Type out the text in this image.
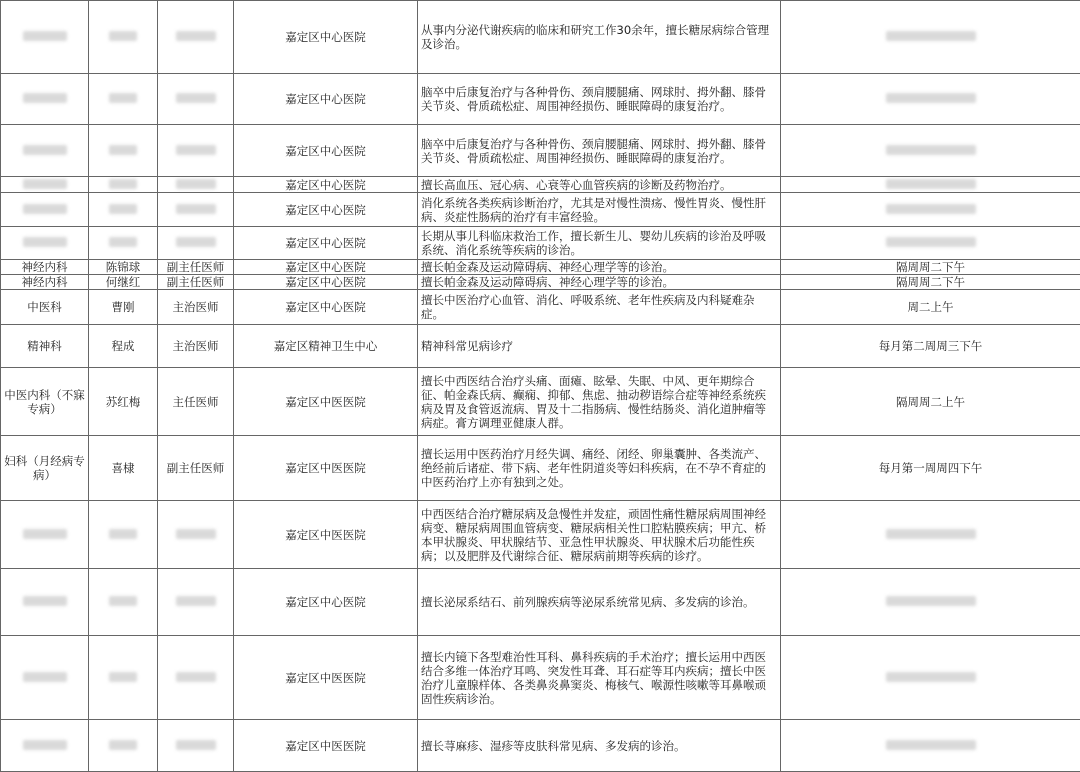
			嘉定区中心医院	从事内分泌代谢疾病的临床和研究工作30余年，擅长糖尿病综合管理及诊治。	
			嘉定区中心医院	脑卒中后康复治疗与各种骨伤、颈肩腰腿痛、网球肘、拇外翻、膝骨关节炎、骨质疏松症、周围神经损伤、睡眠障碍的康复治疗。	
			嘉定区中心医院	脑卒中后康复治疗与各种骨伤、颈肩腰腿痛、网球肘、拇外翻、膝骨关节炎、骨质疏松症、周围神经损伤、睡眠障碍的康复治疗。	
			嘉定区中心医院	擅长高血压、冠心病、心衰等心血管疾病的诊断及药物治疗。	
			嘉定区中心医院	消化系统各类疾病诊断治疗，尤其是对慢性溃疡、慢性胃炎、慢性肝病、炎症性肠病的治疗有丰富经验。	
			嘉定区中心医院	长期从事儿科临床救治工作，擅长新生儿、婴幼儿疾病的诊治及呼吸系统、消化系统等疾病的诊治。	
神经内科	陈锦球	副主任医师	嘉定区中心医院	擅长帕金森及运动障碍病、神经心理学等的诊治。	隔周周二下午
神经内科	何继红	副主任医师	嘉定区中心医院	擅长帕金森及运动障碍病、神经心理学等的诊治。	隔周周二下午
中医科	曹刚	主治医师	嘉定区中心医院	擅长中医治疗心血管、消化、呼吸系统、老年性疾病及内科疑难杂症。	周二上午
精神科	程成	主治医师	嘉定区精神卫生中心	精神科常见病诊疗	每月第二周周三下午
中医内科（不寐专病）	苏红梅	主任医师	嘉定区中医医院	擅长中西医结合治疗头痛、面瘫、眩晕、失眠、中风、更年期综合征、帕金森氏病、癫痫、抑郁、焦虑、抽动秽语综合症等神经系统疾病及胃及食管返流病、胃及十二指肠病、慢性结肠炎、消化道肿瘤等病症。膏方调理亚健康人群。	隔周周二上午
妇科（月经病专病）	喜棣	副主任医师	嘉定区中医医院	擅长运用中医药治疗月经失调、痛经、闭经、卵巢囊肿、各类流产、绝经前后诸症、带下病、老年性阴道炎等妇科疾病，在不孕不育症的中医药治疗上亦有独到之处。	每月第一周周四下午
			嘉定区中医医院	中西医结合治疗糖尿病及急慢性并发症，顽固性痛性糖尿病周围神经病变、糖尿病周围血管病变、糖尿病相关性口腔粘膜疾病；甲亢、桥本甲状腺炎、甲状腺结节、亚急性甲状腺炎、甲状腺术后功能性疾病；以及肥胖及代谢综合征、糖尿病前期等疾病的诊疗。	
			嘉定区中心医院	擅长泌尿系结石、前列腺疾病等泌尿系统常见病、多发病的诊治。	
			嘉定区中医医院	擅长内镜下各型难治性耳科、鼻科疾病的手术治疗；擅长运用中西医结合多维一体治疗耳鸣、突发性耳聋、耳石症等耳内疾病；擅长中医治疗儿童腺样体、各类鼻炎鼻窦炎、梅核气、喉源性咳嗽等耳鼻喉顽固性疾病诊治。	
			嘉定区中医医院	擅长荨麻疹、湿疹等皮肤科常见病、多发病的诊治。	
